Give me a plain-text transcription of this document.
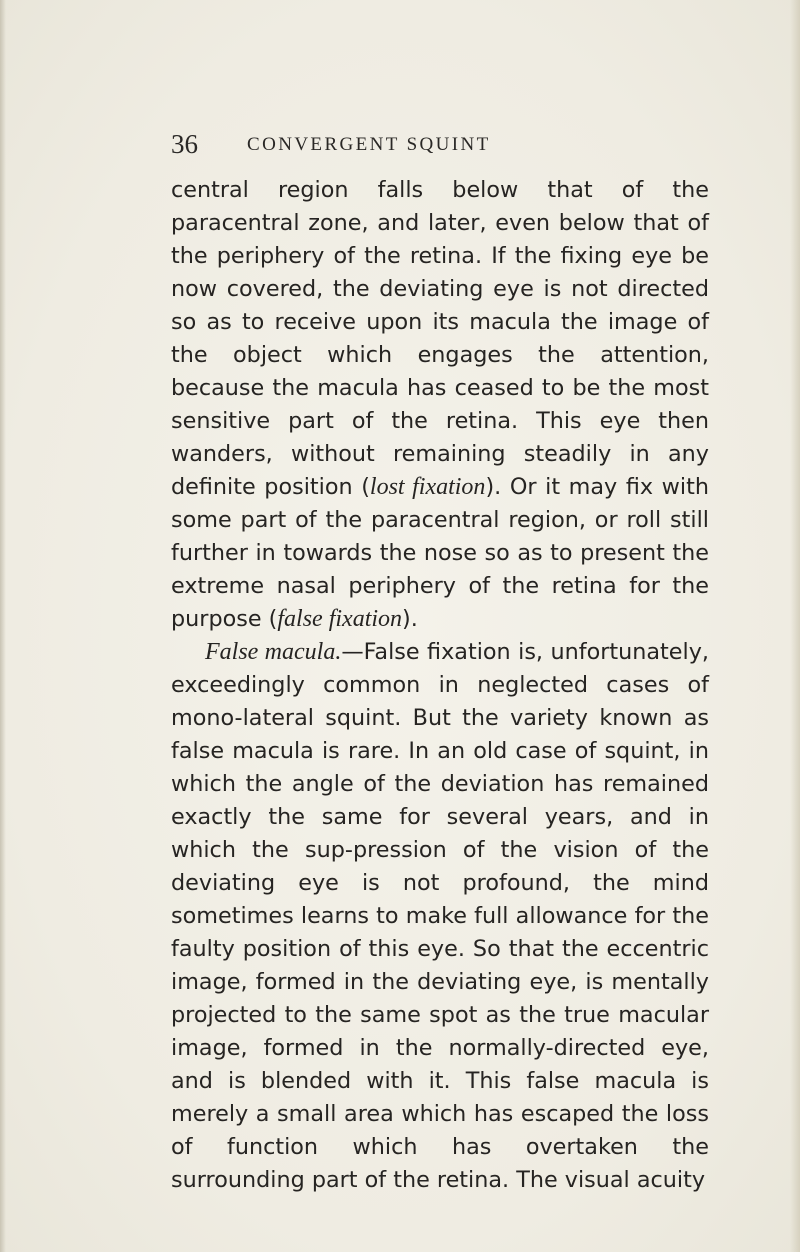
36	CONVERGENT SQUINT

central region falls below that of the paracentral zone, and later, even below that of the periphery of the retina. If the fixing eye be now covered, the deviating eye is not directed so as to receive upon its macula the image of the object which engages the attention, because the macula has ceased to be the most sensitive part of the retina. This eye then wanders, without remaining steadily in any definite position (lost fixation). Or it may fix with some part of the paracentral region, or roll still further in towards the nose so as to present the extreme nasal periphery of the retina for the purpose (false fixation).

False macula.—False fixation is, unfortunately, exceedingly common in neglected cases of mono-lateral squint. But the variety known as false macula is rare. In an old case of squint, in which the angle of the deviation has remained exactly the same for several years, and in which the sup-pression of the vision of the deviating eye is not profound, the mind sometimes learns to make full allowance for the faulty position of this eye. So that the eccentric image, formed in the deviating eye, is mentally projected to the same spot as the true macular image, formed in the normally-directed eye, and is blended with it. This false macula is merely a small area which has escaped the loss of function which has overtaken the surrounding part of the retina. The visual acuity
